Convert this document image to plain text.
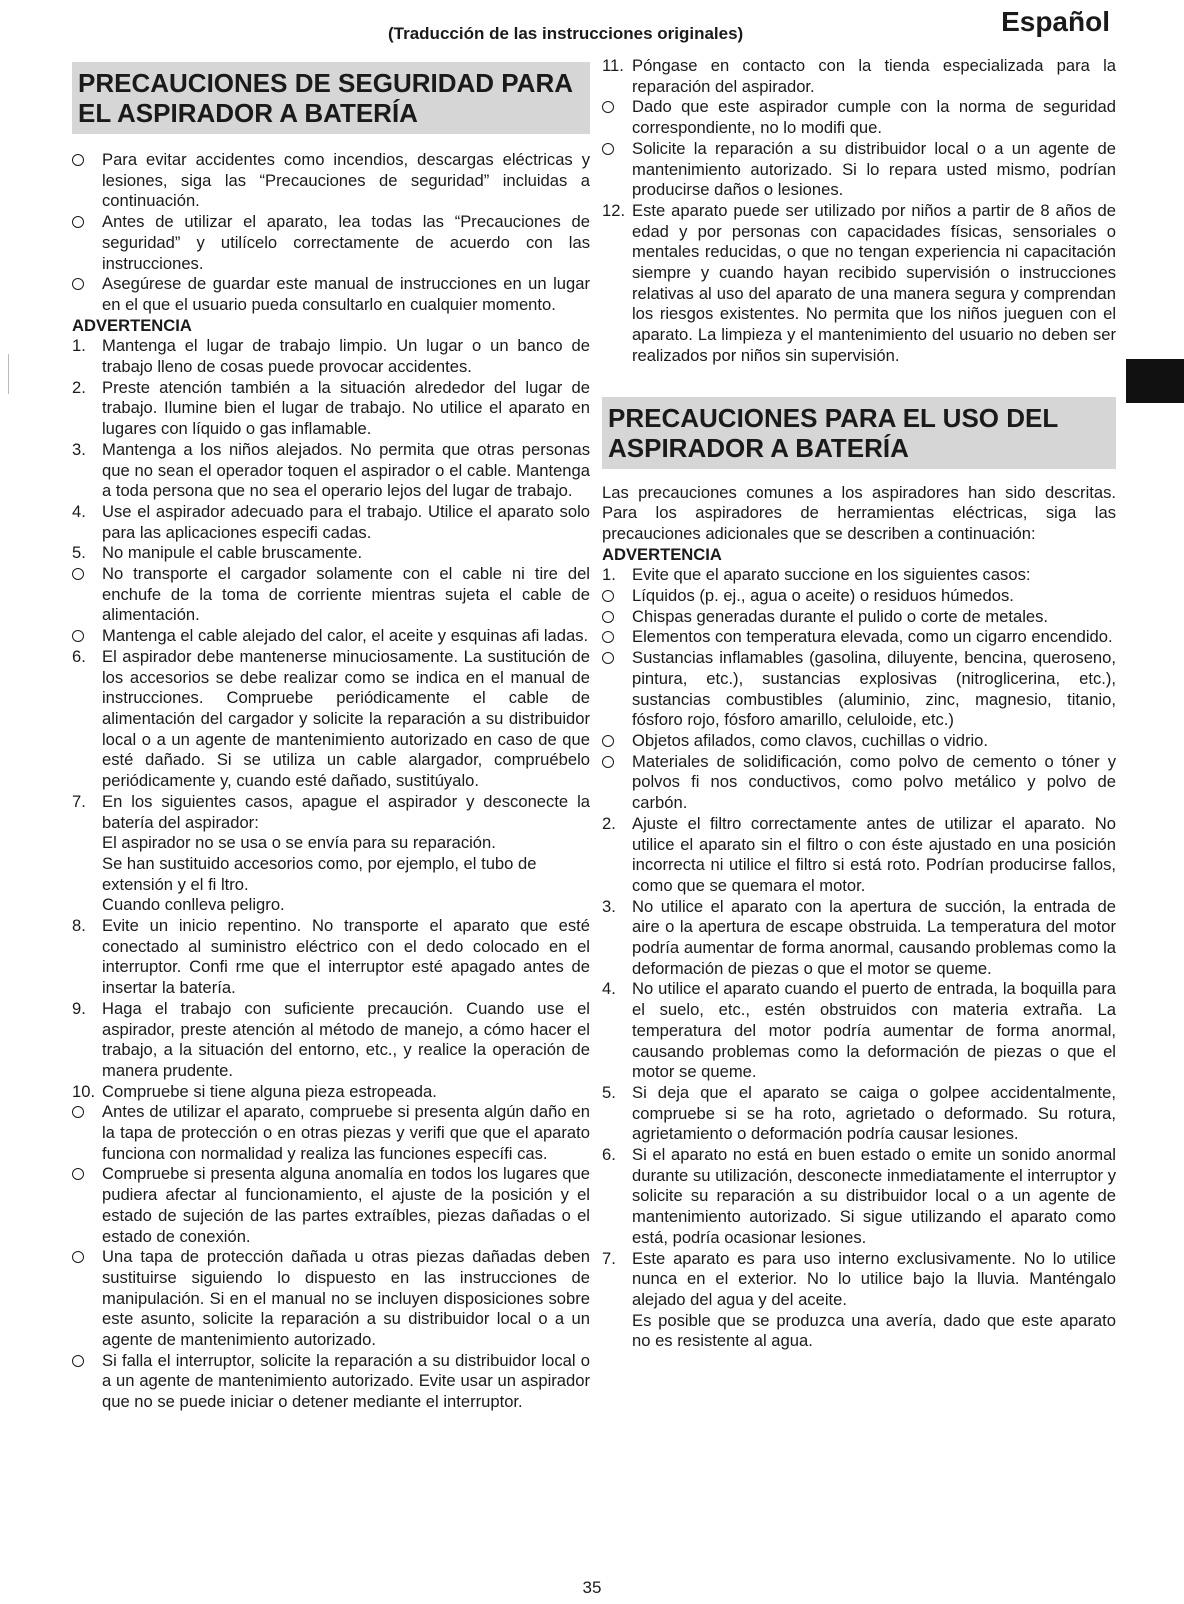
(Traducción de las instrucciones originales)	Español
PRECAUCIONES DE SEGURIDAD PARA EL ASPIRADOR A BATERÍA
Para evitar accidentes como incendios, descargas eléctricas y lesiones, siga las “Precauciones de seguridad” incluidas a continuación.
Antes de utilizar el aparato, lea todas las “Precauciones de seguridad” y utilícelo correctamente de acuerdo con las instrucciones.
Asegúrese de guardar este manual de instrucciones en un lugar en el que el usuario pueda consultarlo en cualquier momento.
ADVERTENCIA
1. Mantenga el lugar de trabajo limpio. Un lugar o un banco de trabajo lleno de cosas puede provocar accidentes.
2. Preste atención también a la situación alrededor del lugar de trabajo. Ilumine bien el lugar de trabajo. No utilice el aparato en lugares con líquido o gas inflamable.
3. Mantenga a los niños alejados. No permita que otras personas que no sean el operador toquen el aspirador o el cable. Mantenga a toda persona que no sea el operario lejos del lugar de trabajo.
4. Use el aspirador adecuado para el trabajo. Utilice el aparato solo para las aplicaciones especifi cadas.
5. No manipule el cable bruscamente.
No transporte el cargador solamente con el cable ni tire del enchufe de la toma de corriente mientras sujeta el cable de alimentación.
Mantenga el cable alejado del calor, el aceite y esquinas afi ladas.
6. El aspirador debe mantenerse minuciosamente. La sustitución de los accesorios se debe realizar como se indica en el manual de instrucciones. Compruebe periódicamente el cable de alimentación del cargador y solicite la reparación a su distribuidor local o a un agente de mantenimiento autorizado en caso de que esté dañado. Si se utiliza un cable alargador, compruébelo periódicamente y, cuando esté dañado, sustitúyalo.
7. En los siguientes casos, apague el aspirador y desconecte la batería del aspirador:
El aspirador no se usa o se envía para su reparación.
Se han sustituido accesorios como, por ejemplo, el tubo de extensión y el fi ltro.
Cuando conlleva peligro.
8. Evite un inicio repentino. No transporte el aparato que esté conectado al suministro eléctrico con el dedo colocado en el interruptor. Confi rme que el interruptor esté apagado antes de insertar la batería.
9. Haga el trabajo con suficiente precaución. Cuando use el aspirador, preste atención al método de manejo, a cómo hacer el trabajo, a la situación del entorno, etc., y realice la operación de manera prudente.
10. Compruebe si tiene alguna pieza estropeada.
Antes de utilizar el aparato, compruebe si presenta algún daño en la tapa de protección o en otras piezas y verifi que que el aparato funciona con normalidad y realiza las funciones específi cas.
Compruebe si presenta alguna anomalía en todos los lugares que pudiera afectar al funcionamiento, el ajuste de la posición y el estado de sujeción de las partes extraíbles, piezas dañadas o el estado de conexión.
Una tapa de protección dañada u otras piezas dañadas deben sustituirse siguiendo lo dispuesto en las instrucciones de manipulación. Si en el manual no se incluyen disposiciones sobre este asunto, solicite la reparación a su distribuidor local o a un agente de mantenimiento autorizado.
Si falla el interruptor, solicite la reparación a su distribuidor local o a un agente de mantenimiento autorizado. Evite usar un aspirador que no se puede iniciar o detener mediante el interruptor.
11. Póngase en contacto con la tienda especializada para la reparación del aspirador.
Dado que este aspirador cumple con la norma de seguridad correspondiente, no lo modifi que.
Solicite la reparación a su distribuidor local o a un agente de mantenimiento autorizado. Si lo repara usted mismo, podrían producirse daños o lesiones.
12. Este aparato puede ser utilizado por niños a partir de 8 años de edad y por personas con capacidades físicas, sensoriales o mentales reducidas, o que no tengan experiencia ni capacitación siempre y cuando hayan recibido supervisión o instrucciones relativas al uso del aparato de una manera segura y comprendan los riesgos existentes. No permita que los niños jueguen con el aparato. La limpieza y el mantenimiento del usuario no deben ser realizados por niños sin supervisión.
PRECAUCIONES PARA EL USO DEL ASPIRADOR A BATERÍA
Las precauciones comunes a los aspiradores han sido descritas. Para los aspiradores de herramientas eléctricas, siga las precauciones adicionales que se describen a continuación:
ADVERTENCIA
1. Evite que el aparato succione en los siguientes casos:
Líquidos (p. ej., agua o aceite) o residuos húmedos.
Chispas generadas durante el pulido o corte de metales.
Elementos con temperatura elevada, como un cigarro encendido.
Sustancias inflamables (gasolina, diluyente, bencina, queroseno, pintura, etc.), sustancias explosivas (nitroglicerina, etc.), sustancias combustibles (aluminio, zinc, magnesio, titanio, fósforo rojo, fósforo amarillo, celuloide, etc.)
Objetos afilados, como clavos, cuchillas o vidrio.
Materiales de solidificación, como polvo de cemento o tóner y polvos fi nos conductivos, como polvo metálico y polvo de carbón.
2. Ajuste el filtro correctamente antes de utilizar el aparato. No utilice el aparato sin el filtro o con éste ajustado en una posición incorrecta ni utilice el filtro si está roto. Podrían producirse fallos, como que se quemara el motor.
3. No utilice el aparato con la apertura de succión, la entrada de aire o la apertura de escape obstruida. La temperatura del motor podría aumentar de forma anormal, causando problemas como la deformación de piezas o que el motor se queme.
4. No utilice el aparato cuando el puerto de entrada, la boquilla para el suelo, etc., estén obstruidos con materia extraña. La temperatura del motor podría aumentar de forma anormal, causando problemas como la deformación de piezas o que el motor se queme.
5. Si deja que el aparato se caiga o golpee accidentalmente, compruebe si se ha roto, agrietado o deformado. Su rotura, agrietamiento o deformación podría causar lesiones.
6. Si el aparato no está en buen estado o emite un sonido anormal durante su utilización, desconecte inmediatamente el interruptor y solicite su reparación a su distribuidor local o a un agente de mantenimiento autorizado. Si sigue utilizando el aparato como está, podría ocasionar lesiones.
7. Este aparato es para uso interno exclusivamente. No lo utilice nunca en el exterior. No lo utilice bajo la lluvia. Manténgalo alejado del agua y del aceite.
Es posible que se produzca una avería, dado que este aparato no es resistente al agua.
35
